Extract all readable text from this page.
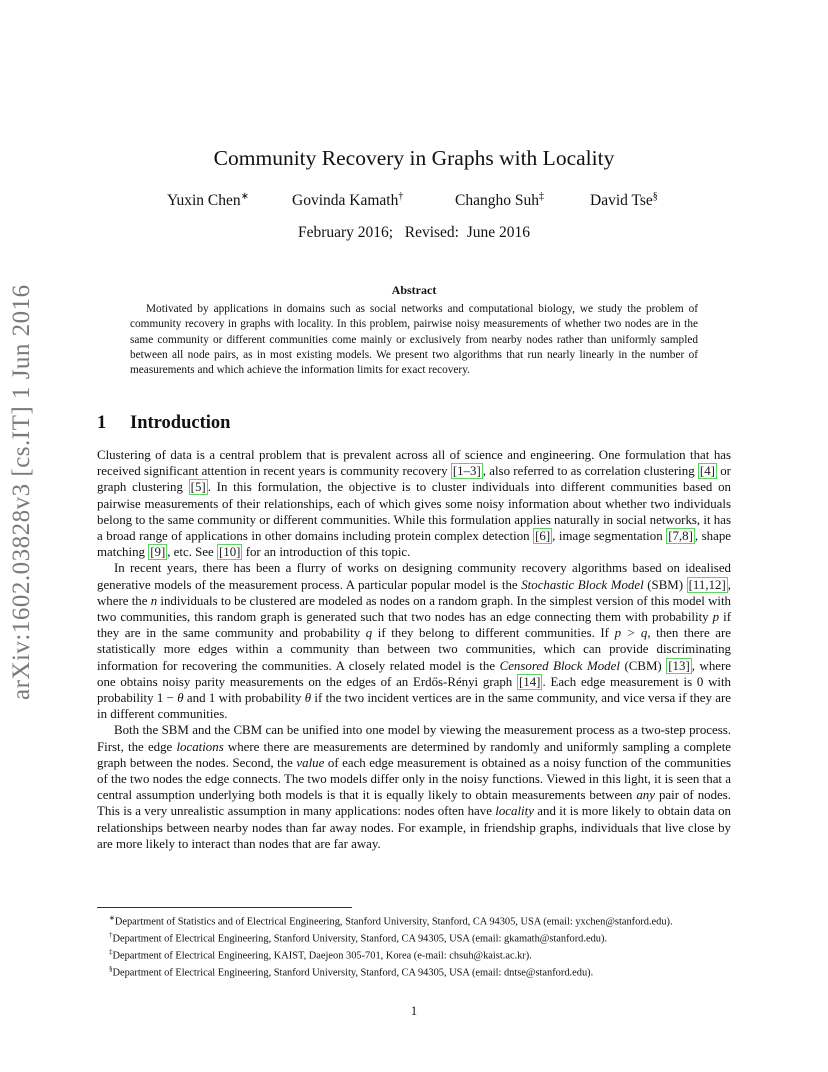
arXiv:1602.03828v3 [cs.IT] 1 Jun 2016
Community Recovery in Graphs with Locality
Yuxin Chen∗	Govinda Kamath†	Changho Suh‡	David Tse§
February 2016;   Revised:  June 2016
Abstract
Motivated by applications in domains such as social networks and computational biology, we study the problem of community recovery in graphs with locality. In this problem, pairwise noisy measurements of whether two nodes are in the same community or different communities come mainly or exclusively from nearby nodes rather than uniformly sampled between all node pairs, as in most existing models. We present two algorithms that run nearly linearly in the number of measurements and which achieve the information limits for exact recovery.
1 Introduction

Clustering of data is a central problem that is prevalent across all of science and engineering. One formulation that has received significant attention in recent years is community recovery [1–3] , also referred to as correlation clustering [4] or graph clustering [5] . In this formulation, the objective is to cluster individuals into different communities based on pairwise measurements of their relationships, each of which gives some noisy information about whether two individuals belong to the same community or different communities. While this formulation applies naturally in social networks, it has a broad range of applications in other domains including protein complex detection [6] , image segmentation [7,8] , shape matching [9] , etc. See [10] for an introduction of this topic.

In recent years, there has been a flurry of works on designing community recovery algorithms based on idealised generative models of the measurement process. A particular popular model is the Stochastic Block Model (SBM) [11,12] , where the n individuals to be clustered are modeled as nodes on a random graph. In the simplest version of this model with two communities, this random graph is generated such that two nodes has an edge connecting them with probability p if they are in the same community and probability q if they belong to different communities. If p > q, then there are statistically more edges within a community than between two communities, which can provide discriminating information for recovering the communities. A closely related model is the Censored Block Model (CBM) [13] , where one obtains noisy parity measurements on the edges of an Erdős-Rényi graph [14] . Each edge measurement is 0 with probability 1 − θ and 1 with probability θ if the two incident vertices are in the same community, and vice versa if they are in different communities.

Both the SBM and the CBM can be unified into one model by viewing the measurement process as a two-step process. First, the edge locations where there are measurements are determined by randomly and uniformly sampling a complete graph between the nodes. Second, the value of each edge measurement is obtained as a noisy function of the communities of the two nodes the edge connects. The two models differ only in the noisy functions. Viewed in this light, it is seen that a central assumption underlying both models is that it is equally likely to obtain measurements between any pair of nodes. This is a very unrealistic assumption in many applications: nodes often have locality and it is more likely to obtain data on relationships between nearby nodes than far away nodes. For example, in friendship graphs, individuals that live close by are more likely to interact than nodes that are far away.

∗Department of Statistics and of Electrical Engineering, Stanford University, Stanford, CA 94305, USA (email: yxchen@stanford.edu).
†Department of Electrical Engineering, Stanford University, Stanford, CA 94305, USA (email: gkamath@stanford.edu).
‡Department of Electrical Engineering, KAIST, Daejeon 305-701, Korea (e-mail: chsuh@kaist.ac.kr).
§Department of Electrical Engineering, Stanford University, Stanford, CA 94305, USA (email: dntse@stanford.edu).
1
